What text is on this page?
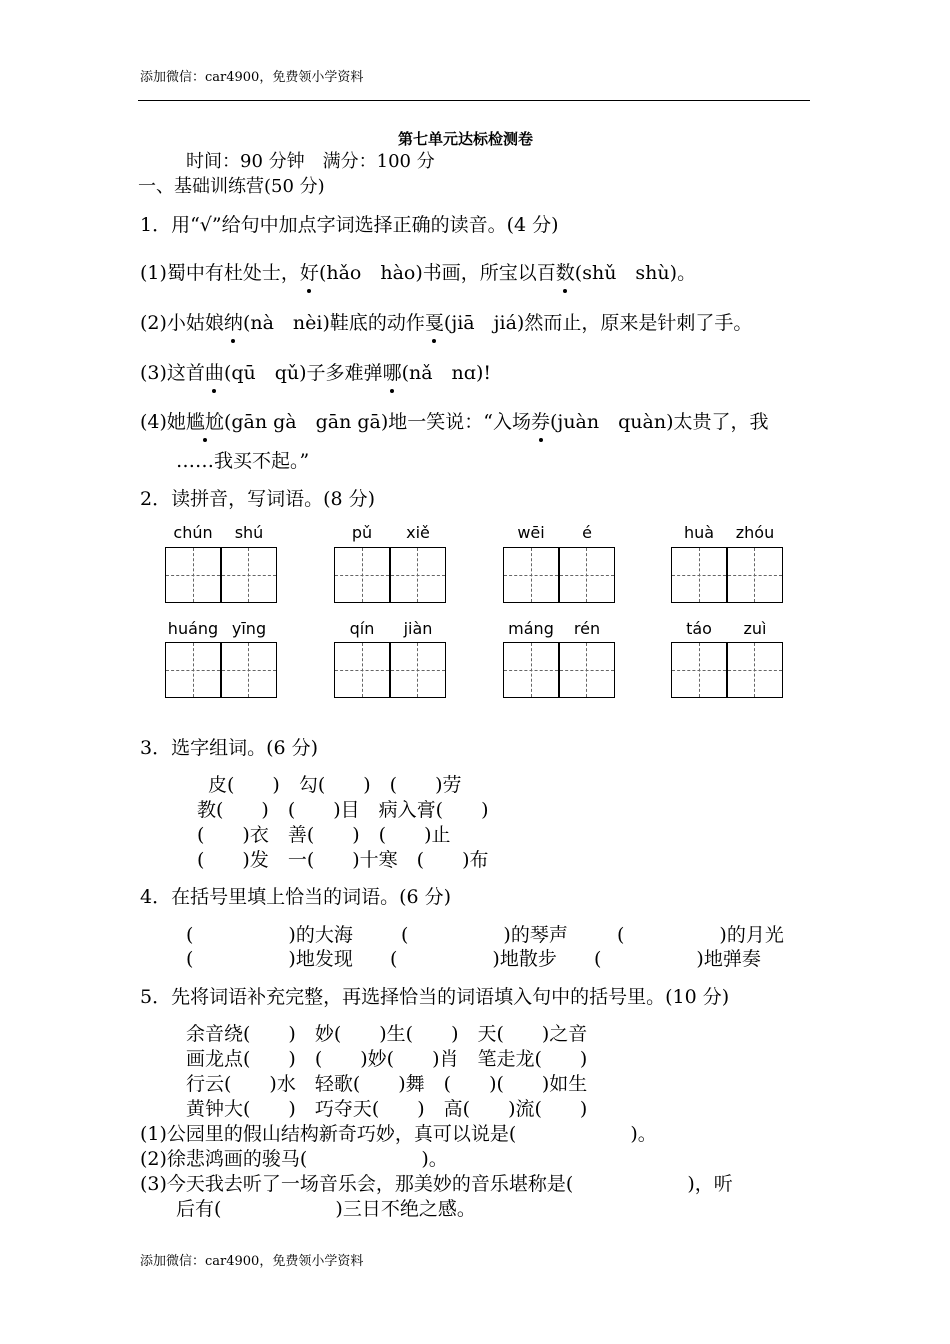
添加微信：car4900，免费领小学资料
第七单元达标检测卷
时间：90 分钟　满分：100 分
一、基础训练营(50 分)
1．用“√”给句中加点字词选择正确的读音。(4 分)
(1)蜀中有杜处士，好(hǎo　hào)书画，所宝以百数(shǔ　shù)。
(2)小姑娘纳(nà　nèi)鞋底的动作戛(jiā　jiá)然而止，原来是针刺了手。
(3)这首曲(qū　qǔ)子多难弹哪(nǎ　nɑ)!
(4)她尴尬(gān gà　gān gā)地一笑说：“入场券(juàn　quàn)太贵了，我
……我买不起。”
2．读拼音，写词语。(8 分)
chún shú	pǔ xiě	wēi é	huà zhóu
huáng yīng	qín jiàn	máng rén	táo zuì
3．选字组词。(6 分)
皮(　　)　勾(　　)　(　　)劳
教(　　)　(　　)目　病入膏(　　)
(　　)衣　善(　　)　(　　)止
(　　)发　一(　　)十寒　(　　)布
4．在括号里填上恰当的词语。(6 分)
(　　　　　)的大海	(　　　　　)的琴声	(　　　　　)的月光
(　　　　　)地发现 (　　　　　)地散步 (　　　　　)地弹奏
5．先将词语补充完整，再选择恰当的词语填入句中的括号里。(10 分)
余音绕(　　)　妙(　　)生(　　)　天(　　)之音
画龙点(　　)　(　　)妙(　　)肖　笔走龙(　　)
行云(　　)水　轻歌(　　)舞　(　　)(　　)如生
黄钟大(　　)　巧夺天(　　)　高(　　)流(　　)
(1)公园里的假山结构新奇巧妙，真可以说是(　　　　　　)。
(2)徐悲鸿画的骏马(　　　　　　)。
(3)今天我去听了一场音乐会，那美妙的音乐堪称是(　　　　　　)，听
后有(　　　　　　)三日不绝之感。
添加微信：car4900，免费领小学资料
